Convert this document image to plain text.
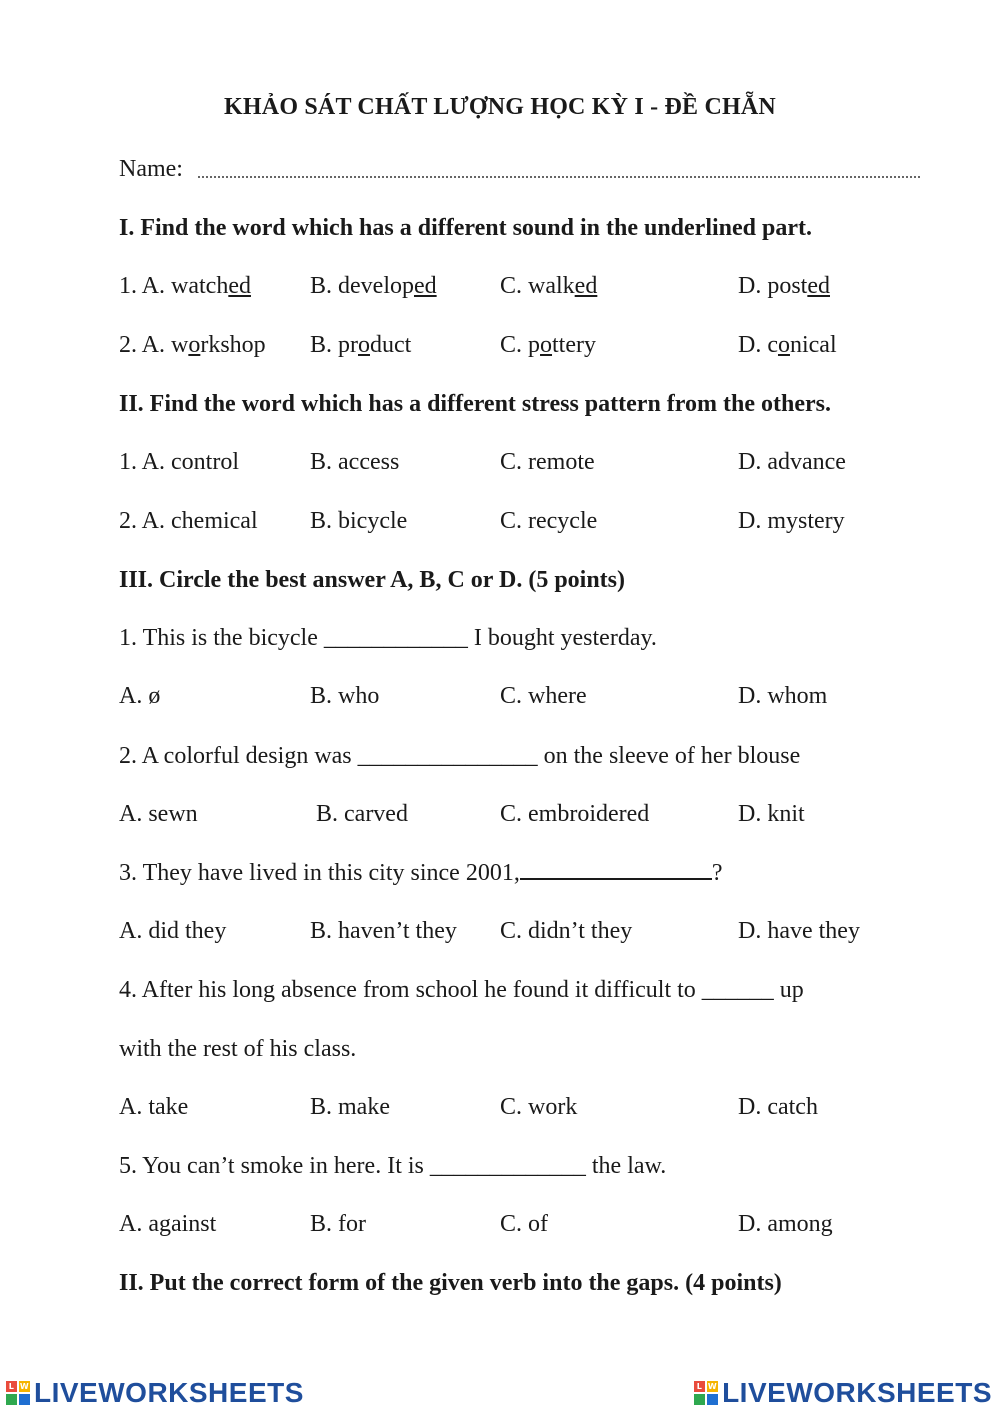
KHẢO SÁT CHẤT LƯỢNG HỌC KỲ I - ĐỀ CHẴN
Name:
I. Find the word which has a different sound in the underlined part.
1. A. watched B. developed	C. walked	D. posted
2. A. workshop B. product	C. pottery	D. conical
II. Find the word which has a different stress pattern from the others.
1. A. control	B. access	C. remote	D. advance
2. A. chemical B. bicycle	C. recycle	D. mystery
III. Circle the best answer A, B, C or D. (5 points)
1. This is the bicycle ____________ I bought yesterday.
A. ø	B. who	C. where	D. whom
2. A colorful design was _______________ on the sleeve of her blouse
A. sewn	B. carved	C. embroidered	D. knit
3. They have lived in this city since 2001,	?
A. did they	B. haven’t they C. didn’t they	D. have they
4. After his long absence from school he found it difficult to ______ up
with the rest of his class.
A. take	B. make	C. work	D. catch
5. You can’t smoke in here. It is _____________ the law.
A. against	B. for	C. of	D. among
II. Put the correct form of the given verb into the gaps. (4 points)
L W LIVEWORKSHEETS	L W LIVEWORKSHEETS
